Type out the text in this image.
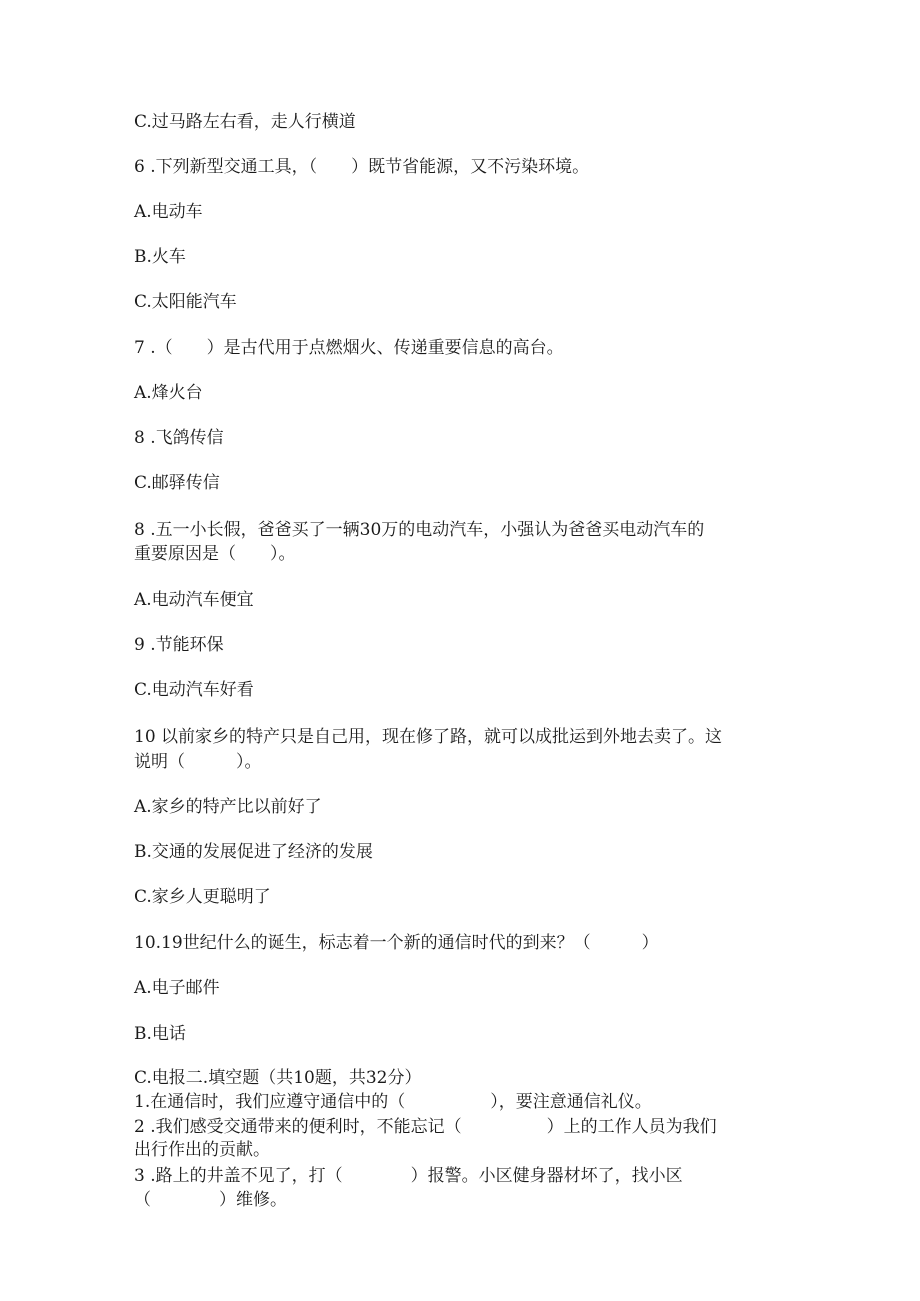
C.过马路左右看，走人行横道
6 .下列新型交通工具，（　　）既节省能源，又不污染环境。
A.电动车
B.火车
C.太阳能汽车
7 .（　　）是古代用于点燃烟火、传递重要信息的高台。
A.烽火台
8 .飞鸽传信
C.邮驿传信
8 .五一小长假，爸爸买了一辆30万的电动汽车，小强认为爸爸买电动汽车的
重要原因是（　　）。
A.电动汽车便宜
9 .节能环保
C.电动汽车好看
10 以前家乡的特产只是自己用，现在修了路，就可以成批运到外地去卖了。这
说明（　　　）。
A.家乡的特产比以前好了
B.交通的发展促进了经济的发展
C.家乡人更聪明了
10.19世纪什么的诞生，标志着一个新的通信时代的到来？（　　　）
A.电子邮件
B.电话
C.电报二.填空题（共10题，共32分）
1.在通信时，我们应遵守通信中的（　　　　　），要注意通信礼仪。
2 .我们感受交通带来的便利时，不能忘记（　　　　　）上的工作人员为我们
出行作出的贡献。
3 .路上的井盖不见了，打（　　　　）报警。小区健身器材坏了，找小区
（　　　　）维修。
